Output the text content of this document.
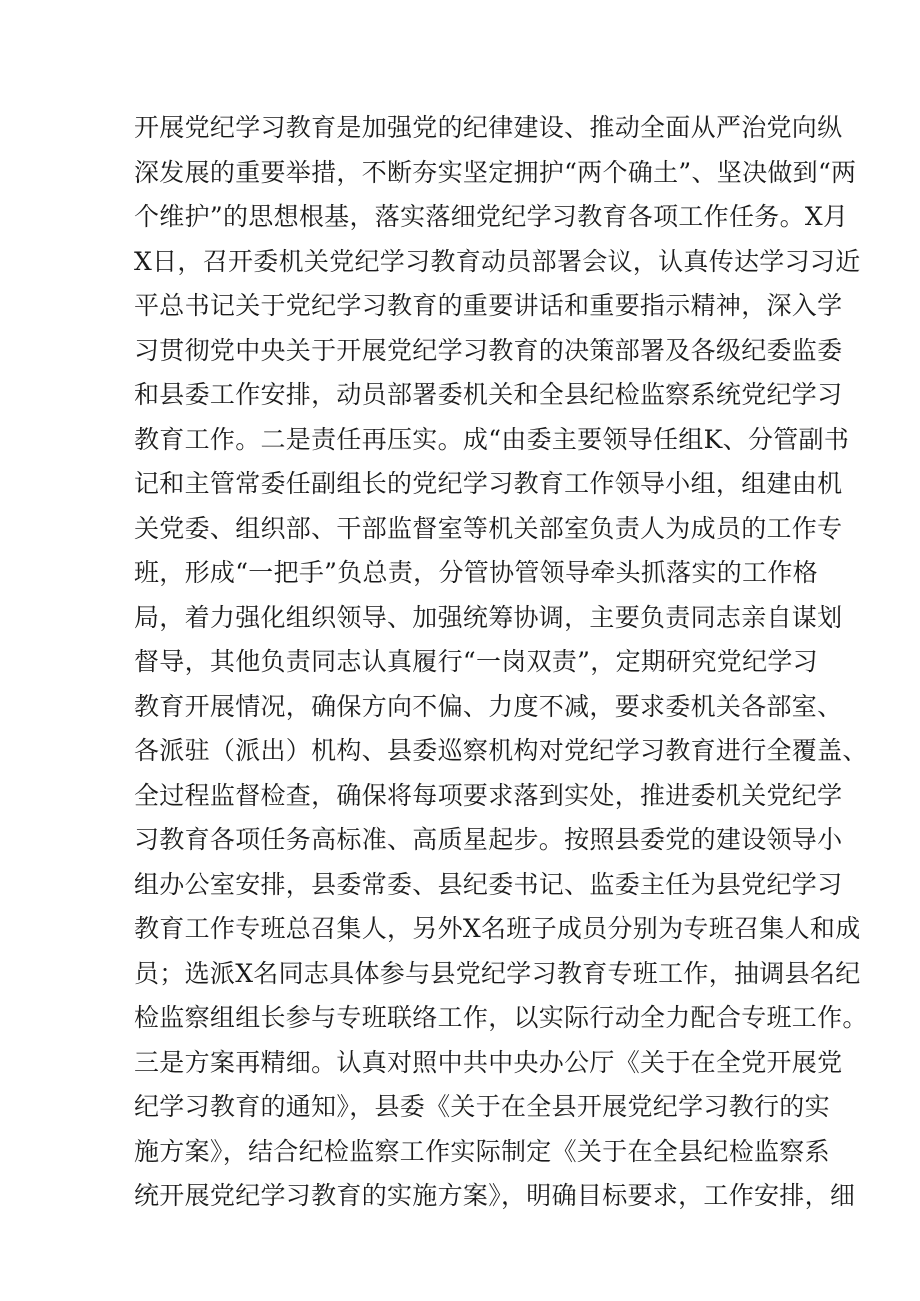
开展党纪学习教育是加强党的纪律建设、推动全面从严治党向纵
深发展的重要举措，不断夯实坚定拥护“两个确土”、坚决做到“两
个维护”的思想根基，落实落细党纪学习教育各项工作任务。X月
X日，召开委机关党纪学习教育动员部署会议，认真传达学习习近
平总书记关于党纪学习教育的重要讲话和重要指示精神，深入学
习贯彻党中央关于开展党纪学习教育的决策部署及各级纪委监委
和县委工作安排，动员部署委机关和全县纪检监察系统党纪学习
教育工作。二是责任再压实。成“由委主要领导任组K、分管副书
记和主管常委任副组长的党纪学习教育工作领导小组，组建由机
关党委、组织部、干部监督室等机关部室负责人为成员的工作专
班，形成“一把手”负总责，分管协管领导牵头抓落实的工作格
局，着力强化组织领导、加强统筹协调，主要负责同志亲自谋划
督导，其他负责同志认真履行“一岗双责”，定期研究党纪学习
教育开展情况，确保方向不偏、力度不减，要求委机关各部室、
各派驻（派出）机构、县委巡察机构对党纪学习教育进行全覆盖、
全过程监督检查，确保将每项要求落到实处，推进委机关党纪学
习教育各项任务高标准、高质星起步。按照县委党的建设领导小
组办公室安排，县委常委、县纪委书记、监委主任为县党纪学习
教育工作专班总召集人，另外X名班子成员分别为专班召集人和成
员；选派X名同志具体参与县党纪学习教育专班工作，抽调县名纪
检监察组组长参与专班联络工作，以实际行动全力配合专班工作。
三是方案再精细。认真对照中共中央办公厅《关于在全党开展党
纪学习教育的通知》，县委《关于在全县开展党纪学习教行的实
施方案》，结合纪检监察工作实际制定《关于在全县纪检监察系
统开展党纪学习教育的实施方案》，明确目标要求，工作安排，细
